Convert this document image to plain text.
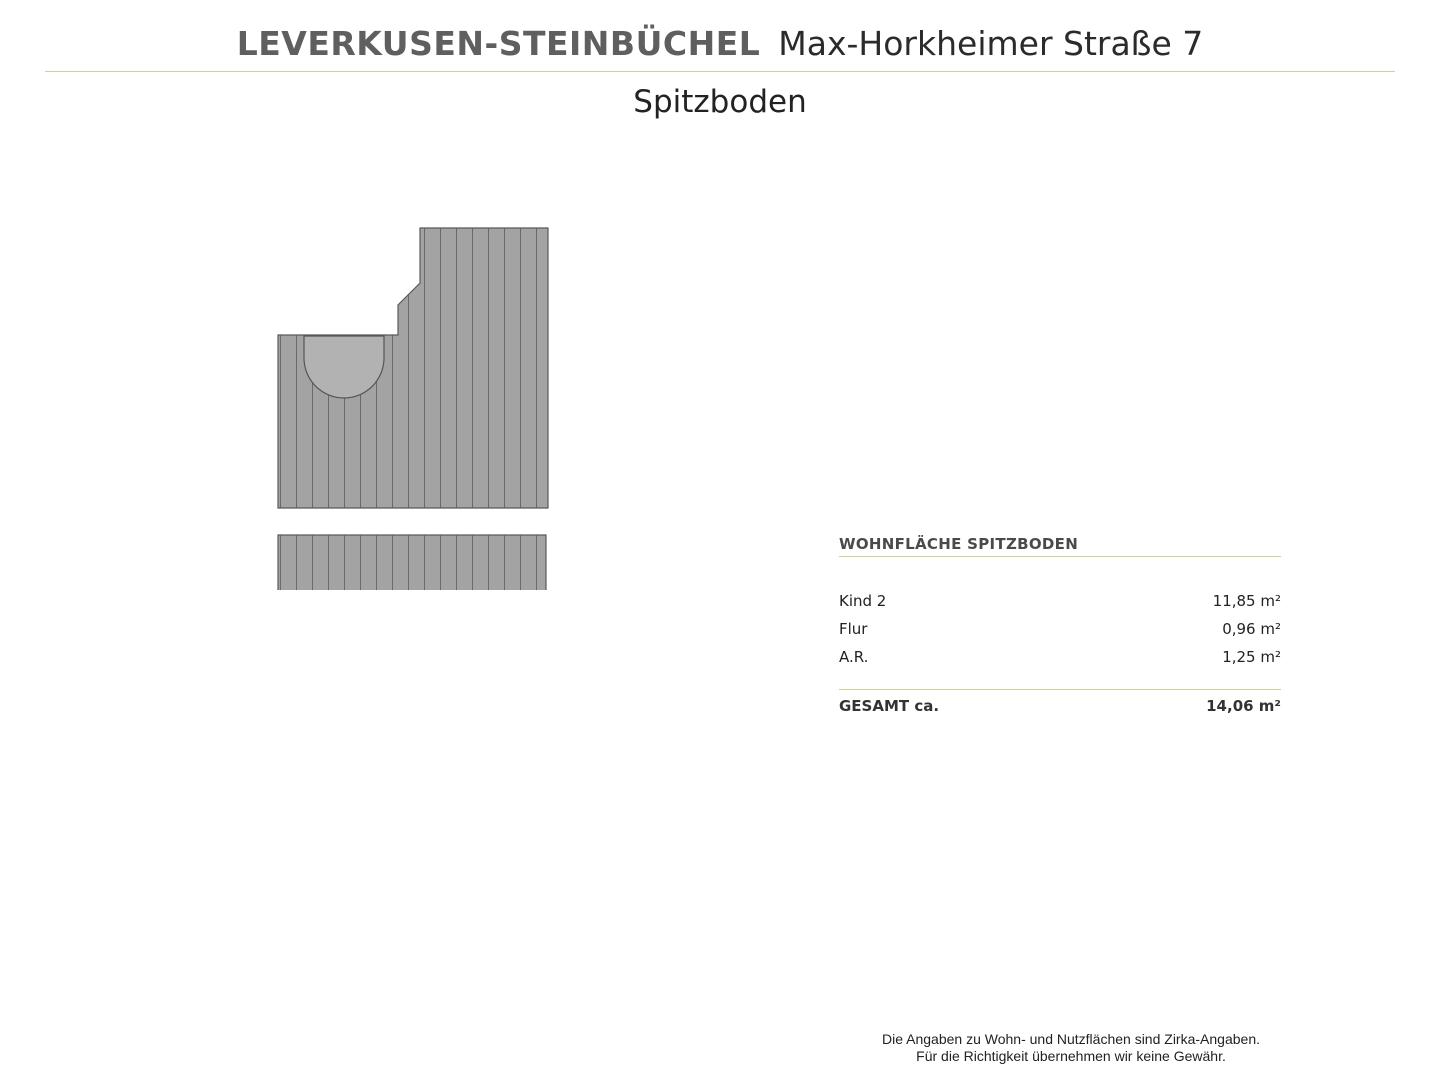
LEVERKUSEN-STEINBÜCHEL Max-Horkheimer Straße 7
Spitzboden
WOHNFLÄCHE SPITZBODEN
Kind 2	11,85 m²
Flur	0,96 m²
A.R.	1,25 m²
GESAMT ca.	14,06 m²
Die Angaben zu Wohn- und Nutzflächen sind Zirka-Angaben.
Für die Richtigkeit übernehmen wir keine Gewähr.
